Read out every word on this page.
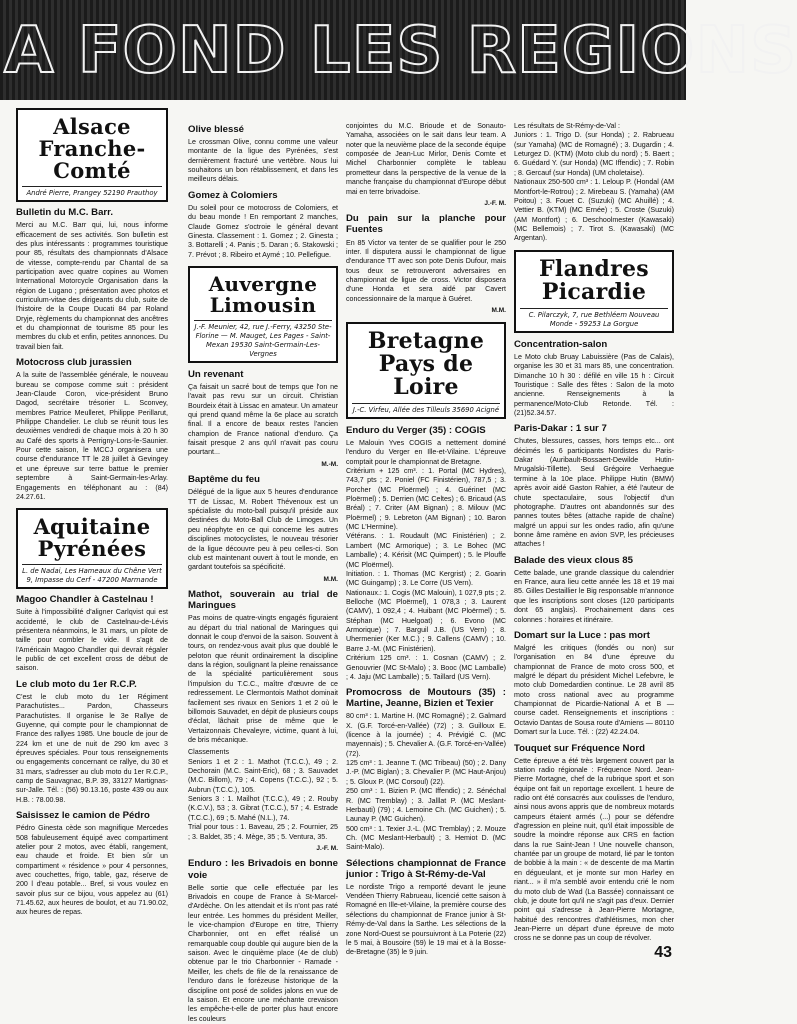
A FOND LES REGIONS
Alsace Franche-Comté
André Pierre, Prangey 52190 Prauthoy
Bulletin du M.C. Barr.

Merci au M.C. Barr qui, lui, nous informe efficacement de ses activités. Son bulletin est des plus intéressants : programmes touristique pour 85, résultats des championnats d'Alsace de vitesse, compte-rendu par Chantal de sa participation avec quatre copines au Women International Motorcycle Organisation dans la région de Lugano ; présentation avec photos et curriculum-vitae des dirigeants du club, suite de l'histoire de la Coupe Ducati 84 par Roland Dryje, règlements du championnat des ancêtres et du championnat de tourisme 85 pour les membres du club et enfin, petites annonces. Du travail bien fait.

Motocross club jurassien

A la suite de l'assemblée générale, le nouveau bureau se compose comme suit : président Jean-Claude Coron, vice-président Bruno Dagod, secrétaire trésorier L. Sconvey, membres Patrice Meulleret, Philippe Perillarut, Philippe Chandelier. Le club se réunit tous les deuxièmes vendredi de chaque mois à 20 h 30 au Café des sports à Perrigny-Lons-le-Saunier. Pour cette saison, le MCCJ organisera une course d'endurance TT le 28 juillet à Gevingey et une épreuve sur terre battue le premier septembre à Saint-Germain-les-Arlay. Engagements en téléphonant au : (84) 24.27.61.

Aquitaine Pyrénées
L. de Nadai, Les Hameaux du Chêne Vert 9, Impasse du Cerf - 47200 Marmande
Magoo Chandler à Castelnau !

Suite à l'impossibilité d'aligner Carlqvist qui est accidenté, le club de Castelnau-de-Lévis présentera néanmoins, le 31 mars, un pilote de taille pour combler le vide. Il s'agit de l'Américain Magoo Chandler qui devrait régaler le public de cet excellent cross de début de saison.

Le club moto du 1er R.C.P.

C'est le club moto du 1er Régiment Parachutistes... Pardon, Chasseurs Parachutistes. Il organise le 3e Rallye de Guyenne, qui compte pour le championnat de France des rallyes 1985. Une boucle de jour de 224 km et une de nuit de 290 km avec 3 épreuves spéciales. Pour tous renseignements ou engagements concernant ce rallye, du 30 et 31 mars, s'adresser au club moto du 1er R.C.P., camp de Sauvagnac, B.P. 39, 33127 Martignas-sur-Jalle. Tél. : (56) 90.13.16, poste 439 ou aux H.B. : 78.00.98.

Saisissez le camion de Pédro

Pédro Ginesta cède son magnifique Mercedes 508 fabuleusement équipé avec compartiment atelier pour 2 motos, avec établi, rangement, eau chaude et froide. Et bien sûr un compartiment « résidence » pour 4 personnes, avec couchettes, frigo, table, gaz, réserve de 200 l d'eau potable... Bref, si vous voulez en savoir plus sur ce bijou, vous appelez au (61) 71.45.62, aux heures de boulot, et au 71.90.02, aux heures de repas.

Olive blessé

Le crossman Olive, connu comme une valeur montante de la ligue des Pyrénées, s'est dernièrement fracturé une vertèbre. Nous lui souhaitons un bon rétablissement, et dans les meilleurs délais.

Gomez à Colomiers

Du soleil pour ce motocross de Colomiers, et du beau monde ! En remportant 2 manches, Claude Gomez s'octroie le général devant Ginesta. Classement : 1. Gomez ; 2. Ginesta ; 3. Bottarelli ; 4. Panis ; 5. Daran ; 6. Stakowski ; 7. Prévot ; 8. Ribeiro et Aymé ; 10. Pellefigue.

Auvergne Limousin
J.-F. Meunier, 42, rue J.-Ferry, 43250 Ste-Florine — M. Mauget, Les Pages - Saint-Mexan 19530 Saint-Germain-Les-Vergnes
Un revenant

Ça faisait un sacré bout de temps que l'on ne l'avait pas revu sur un circuit. Christian Bourdeix était à Lissac en amateur. Un amateur qui prend quand même la 6e place au scratch final. Il a encore de beaux restes l'ancien champion de France national d'enduro. Ça faisait presque 2 ans qu'il n'avait pas couru pourtant...

M.-M.

Baptême du feu

Délégué de la ligue aux 5 heures d'endurance TT de Lissac, M. Robert Thévenoux est un spécialiste du moto-ball puisqu'il préside aux destinées du Moto-Ball Club de Limoges. Un peu néophyte en ce qui concerne les autres disciplines motocyclistes, le nouveau trésorier de la ligue découvre peu à peu celles-ci. Son club est maintenant ouvert à tout le monde, en gardant toutefois sa spécificité.

M.M.

Mathot, souverain au trial de Maringues

Pas moins de quatre-vingts engagés figuraient au départ du trial national de Maringues qui donnait le coup d'envoi de la saison. Souvent à tours, on rendez-vous avait plus que doublé le peloton que réunit ordinairement la discipline dans la région, soulignant la pleine renaissance de la spécialité particulièrement sous l'impulsion du T.C.C., maître d'œuvre de ce redressement. Le Clermontois Mathot dominait facilement ses rivaux en Seniors 1 et 2 où le billomois Sauvadet, en dépit de plusieurs coups d'éclat, lâchait prise de même que le Vertaizonnais Chevaleyre, victime, quant à lui, de bris mécanique.

Classements
Seniors 1 et 2 : 1. Mathot (T.C.C.), 49 ; 2. Dechorain (M.C. Saint-Eric), 68 ; 3. Sauvadet (M.C. Billom), 79 ; 4. Copens (T.C.C.), 92 ; 5. Aubrun (T.C.C.), 105.
Seniors 3 : 1. Mailhot (T.C.C.), 49 ; 2. Rouby (K.C.V.), 53 ; 3. Gibrat (T.C.C.), 57 ; 4. Estrade (T.C.C.), 69 ; 5. Mahé (N.L.), 74.
Trial pour tous : 1. Baveau, 25 ; 2. Fournier, 25 ; 3. Baldet, 35 ; 4. Mège, 35 ; 5. Ventura, 35.

J.-F. M.

Enduro : les Brivadois en bonne voie

Belle sortie que celle effectuée par les Brivadois en coupe de France à St-Marcel-d'Ardèche. On les attendait et ils n'ont pas raté leur entrée. Les hommes du président Meiller, le vice-champion d'Europe en titre, Thierry Charbonnier, ont en effet réalisé un remarquable coup double qui augure bien de la saison. Avec le cinquième place (4e de club) obtenue par le trio Charbonnier - Ramade - Meiller, les chefs de file de la renaissance de l'enduro dans le forézeuse historique de la discipline ont posé de solides jalons en vue de la saison. Et encore une méchante crevaison les empêche-t-elle de porter plus haut encore les couleurs

conjointes du M.C. Brioude et de Sonauto-Yamaha, associées on le sait dans leur team. A noter que la neuvième place de la seconde équipe composée de Jean-Luc Mirlor, Denis Comte et Michel Charbonnier complète le tableau prometteur dans la perspective de la venue de la manche française du championnat d'Europe début mai en terre brivadoise.

J.-F. M.

Du pain sur la planche pour Fuentes

En 85 Victor va tenter de se qualifier pour le 250 inter. Il disputera aussi le championnat de ligue d'endurance TT avec son pote Denis Dufour, mais tous deux se retrouveront adversaires en championnat de ligue de cross. Victor disposera d'une Honda et sera aidé par Cavert concessionnaire de la marque à Guéret.

M.M.

Bretagne Pays de Loire
J.-C. Virfeu, Allée des Tilleuls 35690 Acigné
Enduro du Verger (35) : COGIS

Le Malouin Yves COGIS a nettement dominé l'enduro du Verger en Ille-et-Vilaine. L'épreuve comptait pour le championnat de Bretagne.
Critérium + 125 cm³. : 1. Portal (MC Hydres), 743,7 pts ; 2. Poniel (FC Finistérien), 787,5 ; 3. Porcher (MC Ploërmel) ; 4. Guérinet (MC Ploërmel) ; 5. Derrien (MC Celtes) ; 6. Bricaud (AS Bréal) ; 7. Criter (AM Bignan) ; 8. Milouv (MC Ploërmel) ; 9. Lebreton (AM Bignan) ; 10. Baron (MC L'Hermine).
Vétérans. : 1. Roudault (MC Finistérien) ; 2. Lambert (MC Armorique) ; 3. Le Bohec (MC Lamballe) ; 4. Kérisit (MC Quimpert) ; 5. le Plouffe (MC Ploërmel).
Initiation. : 1. Thomas (MC Kergrist) ; 2. Goarin (MC Guingamp) ; 3. Le Corre (US Vern).
Nationaux.: 1. Cogis (MC Malouin), 1 027,9 pts ; 2. Belloche (MC Ploërmel), 1 078,3 ; 3. Laurent (CAMV), 1 092,4 ; 4. Huibant (MC Ploërmel) ; 5. Stéphan (MC Huelgoat) ; 6. Evono (MC Armorique) ; 7. Barguil J.B. (US Vern) ; 8. Uhermenier (Ker M.C.) ; 9. Callens (CAMV) ; 10. Barre J.-M. (MC Finistérien).
Critérium 125 cm³. : 1. Cosnan (CAMV) ; 2. Genouvrier (MC St-Malo) ; 3. Booc (MC Lamballe) ; 4. Jaju (MC Lamballe) ; 5. Taillard (US Vern).

Promocross de Moutours (35) : Martine, Jeanne, Bizien et Texier

80 cm³ : 1. Martine H. (MC Romagné) ; 2. Galmard X. (G.F. Torcé-en-Vallée) (72) ; 3. Guilloux E. (licence à la journée) ; 4. Prévigié C. (MC mayennais) ; 5. Chevalier A. (G.F. Torcé-en-Vallée) (72).
125 cm³ : 1. Jeanne T. (MC Tribeau) (50) ; 2. Dany J.-P. (MC Biglan) ; 3. Chevalier P. (MC Haut-Anjou) ; 5. Gloux P. (MC Corsoul) (22).
250 cm³ : 1. Bizien P. (MC Iffendic) ; 2. Sénéchal R. (MC Tremblay) ; 3. Jalllat P. (MC Meslant-Herbauti) (79) ; 4. Lemoine Ch. (MC Guichen) ; 5. Launay P. (MC Guichen).
500 cm³ : 1. Texier J.-L. (MC Tremblay) ; 2. Mouze Ch. (MC Meslant-Herbault) ; 3. Hemiot D. (MC Saint-Malo).

Sélections championnat de France junior : Trigo à St-Rémy-de-Val

Le nordiste Trigo a remporté devant le jeune Vendéen Thierry Rabrueau, licencié cette saison à Romagné en Ille-et-Vilaine, la première course des sélections du championnat de France junior à St-Rémy-de-Val dans la Sarthe. Les sélections de la zone Nord-Ouest se poursuivront à La Poterie (22) le 5 mai, à Bousoire (59) le 19 mai et à la Bosse-de-Bretagne (35) le 9 juin.

Les résultats de St-Rémy-de-Val :
Juniors : 1. Trigo D. (sur Honda) ; 2. Rabrueau (sur Yamaha) (MC de Romagné) ; 3. Dugardin ; 4. Leturgez D. (KTM) (Moto club du nord) ; 5. Baert ; 6. Guédard Y. (sur Honda) (MC Iffendic) ; 7. Robin ; 8. Gercauf (sur Honda) (UM choletaise).
Nationaux 250-500 cm³ : 1. Leloup P. (Hondal (AM Montfort-le-Rotrou) ; 2. Mirebeau S. (Yamaha) (AM Poitou) ; 3. Fouet C. (Suzuki) (MC Ahuillé) ; 4. Vettier B. (KTM) (MC Ernée) ; 5. Croste (Suzuki) (AM Montfort) ; 6. Deschoolmester (Kawasaki) (MC Bellemois) ; 7. Tirot S. (Kawasaki) (MC Argentan).

Flandres Picardie
C. Pilarczyk, 7, rue Bethléem Nouveau Monde - 59253 La Gorgue
Concentration-salon

Le Moto club Bruay Labuissière (Pas de Calais), organise les 30 et 31 mars 85, une concentration. Dimanche 10 h 30 : défilé en ville 15 h : Circuit Touristique : Salle des fêtes : Salon de la moto ancienne. Renseignements à la permanence/Moto-Club Retonde. Tél. : (21)52.34.57.

Paris-Dakar : 1 sur 7

Chutes, blessures, casses, hors temps etc... ont décimés les 6 participants Nordistes du Paris-Dakar (Auribault-Bossaert-Dewilde Hutin-Mrugalski-Tillette). Seul Grégoire Verhaegue termine à la 10e place. Philippe Hutin (BMW) après avoir aidé Gaston Rahier, a été l'auteur de chute spectaculaire, sous l'objectif d'un photographe. D'autres ont abandonnés sur des pannes toutes bêtes (attache rapide de chaîne) malgré un appui sur les ondes radio, afin qu'une bonne âme ramène en avion SVP, les précieuses attaches !

Balade des vieux clous 85

Cette balade, une grande classique du calendrier en France, aura lieu cette année les 18 et 19 mai 85. Gilles Destaillier le Big responsable m'annonce que les inscriptions sont closes (120 participants dont 65 anglais). Prochainement dans ces colonnes : horaires et itinéraire.

Domart sur la Luce : pas mort

Malgré les critiques (fondés ou non) sur l'organisation en 84 d'une épreuve du championnat de France de moto cross 500, et malgré le départ du président Michel Lefebvre, le moto club Domedardien continue. Le 28 avril 85 moto cross national avec au programme Championnat de Picardie-National A et B — course cadet. Renseignements et inscriptions : Octavio Dantas de Sousa route d'Amiens — 80110 Domart sur la Luce. Tél. : (22) 42.24.04.

Touquet sur Fréquence Nord

Cette épreuve a été très largement couvert par la station radio régionale : Fréquence Nord. Jean-Pierre Mortagne, chef de la rubrique sport et son équipe ont fait un reportage excellent. 1 heure de radio ont été consacrés aux coulisses de l'enduro, ainsi nous avons appris que de nombreux motards campeurs étaient armés (...) pour se défendre d'agression en pleine nuit, qu'il était impossible de soudre la moindre réponse aux CRS en faction dans la rue Saint-Jean ! Une nouvelle chanson, chantée par un groupe de motard, lié par le tonton de bobbie à la main : « de descente de ma Martin en dégueulant, et je monte sur mon Harley en riant... » il m'a semblé avoir entendu crié le nom du moto club de Wad (La Bassée) connaissant ce club, je doute fort qu'il ne s'agit pas d'eux. Dernier point qui s'adresse à Jean-Pierre Mortagne, habitué des rencontres d'athlétismes, mon cher Jean-Pierre un départ d'une épreuve de moto cross ne se donne pas un coup de révolver.

43
